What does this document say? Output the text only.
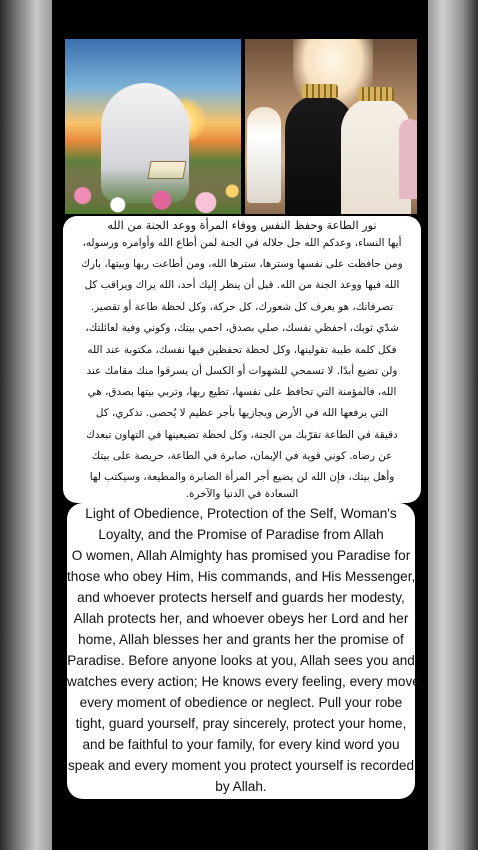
نور الطاعة وحفظ النفس ووفاء المرأة ووعد الجنة من الله
أيها النساء، وعدكم الله جل جلاله في الجنة لمن أطاع الله وأوامره ورسوله،
ومن حافظت على نفسها وسترها، سترها الله، ومن أطاعت ربها وبيتها، بارك
الله فيها ووعد الجنة من الله. قبل أن ينظر إليك أحد، الله يراك ويراقب كل
تصرفاتك، هو يعرف كل شعورك، كل حركة، وكل لحظة طاعة أو تقصير.
شدّي ثوبك، احفظي نفسك، صلي بصدق، احمي بيتك، وكوني وفية لعائلتك،
فكل كلمة طيبة تقولينها، وكل لحظة تحفظين فيها نفسك، مكتوبة عند الله
ولن تضيع أبدًا. لا تسمحي للشهوات أو الكسل أن يسرقوا منك مقامك عند
الله، فالمؤمنة التي تحافظ على نفسها، تطيع ربها، وتربي بيتها بصدق، هي
التي يرفعها الله في الأرض ويجازيها بأجر عظيم لا يُحصى. تذكري، كل
دقيقة في الطاعة تقرّبك من الجنة، وكل لحظة تضيعينها في التهاون تبعدك
عن رضاه. كوني قوية في الإيمان، صابرة في الطاعة، حريصة على بيتك
وأهل بيتك، فإن الله لن يضيع أجر المرأة الصابرة والمطيعة، وسيكتب لها
السعادة في الدنيا والآخرة.
Light of Obedience, Protection of the Self, Woman's
Loyalty, and the Promise of Paradise from Allah
O women, Allah Almighty has promised you Paradise for
those who obey Him, His commands, and His Messenger,
and whoever protects herself and guards her modesty,
Allah protects her, and whoever obeys her Lord and her
home, Allah blesses her and grants her the promise of
Paradise. Before anyone looks at you, Allah sees you and
watches every action; He knows every feeling, every move,
every moment of obedience or neglect. Pull your robe
tight, guard yourself, pray sincerely, protect your home,
and be faithful to your family, for every kind word you
speak and every moment you protect yourself is recorded
by Allah.
